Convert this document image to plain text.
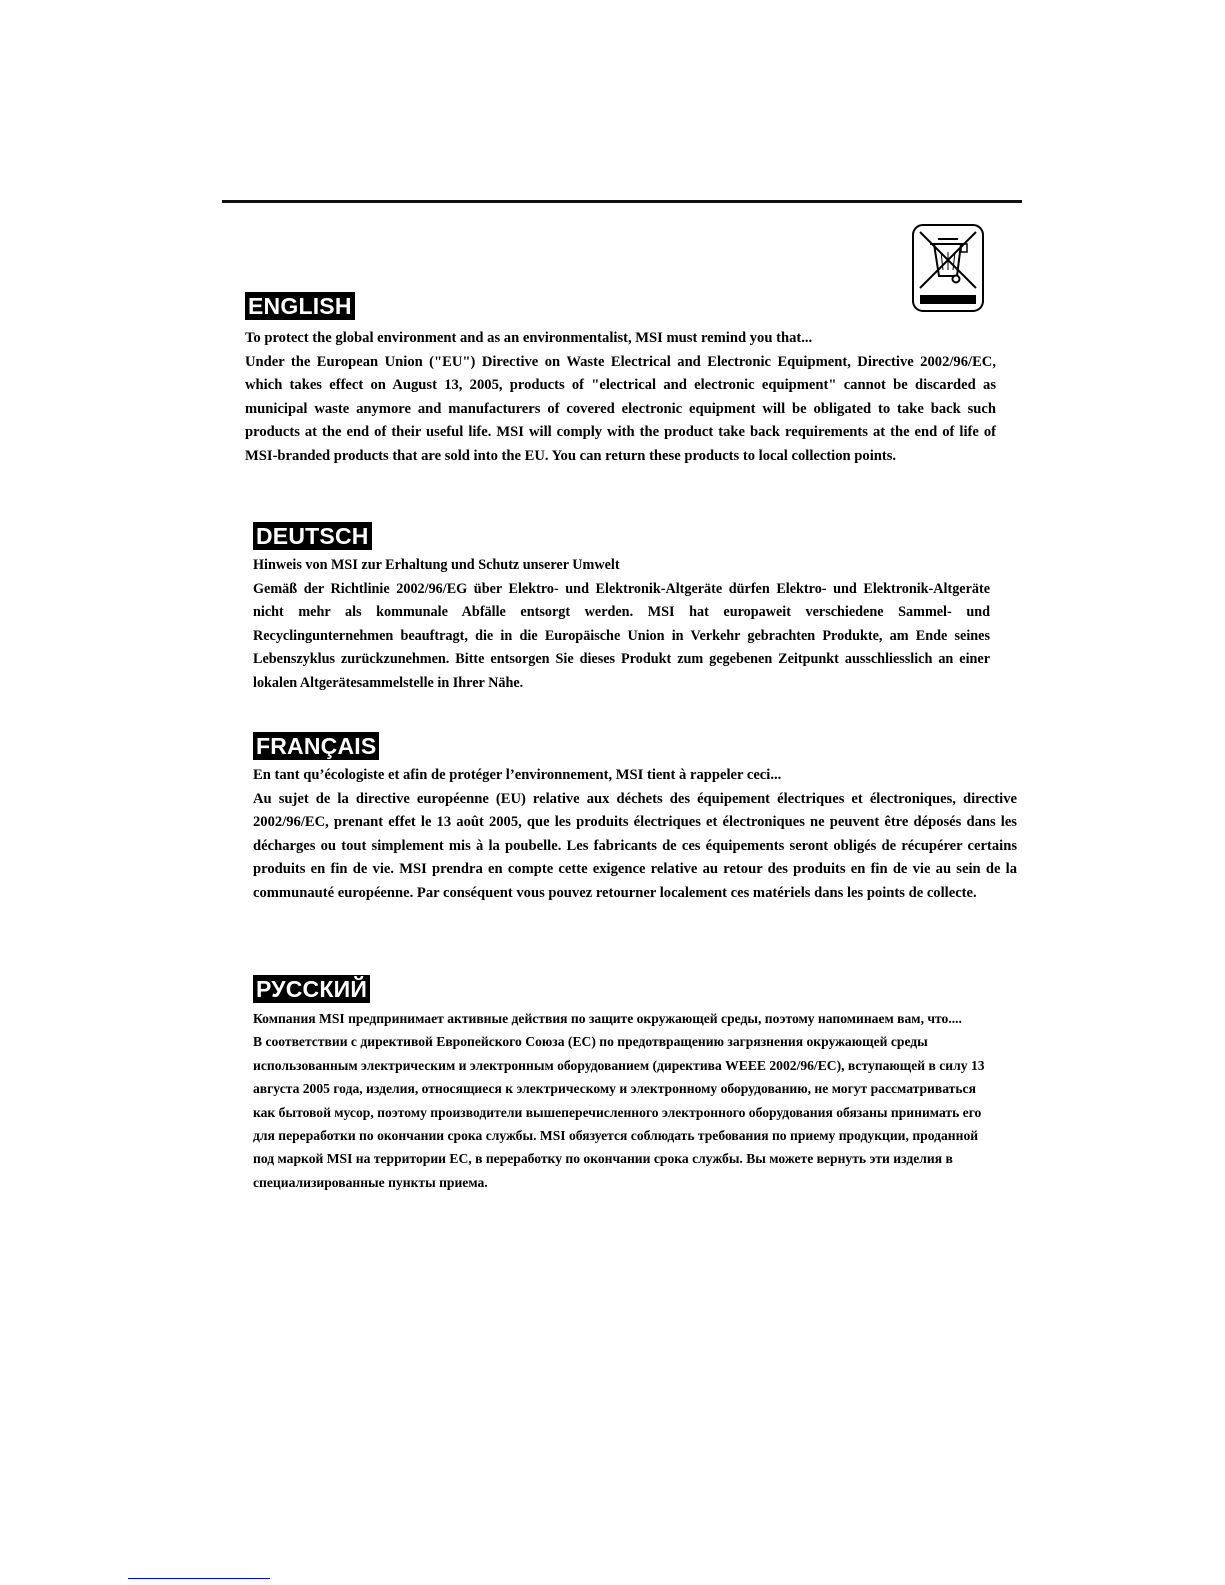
ENGLISH

To protect the global environment and as an environmentalist, MSI must remind you that...

Under the European Union ("EU") Directive on Waste Electrical and Electronic Equipment, Directive 2002/96/EC, which takes effect on August 13, 2005, products of "electrical and electronic equipment" cannot be discarded as municipal waste anymore and manufacturers of covered electronic equipment will be obligated to take back such products at the end of their useful life. MSI will comply with the product take back requirements at the end of life of MSI-branded products that are sold into the EU. You can return these products to local collection points.

DEUTSCH

Hinweis von MSI zur Erhaltung und Schutz unserer Umwelt

Gemäß der Richtlinie 2002/96/EG über Elektro- und Elektronik-Altgeräte dürfen Elektro- und Elektronik-Altgeräte nicht mehr als kommunale Abfälle entsorgt werden. MSI hat europaweit verschiedene Sammel- und Recyclingunternehmen beauftragt, die in die Europäische Union in Verkehr gebrachten Produkte, am Ende seines Lebenszyklus zurückzunehmen. Bitte entsorgen Sie dieses Produkt zum gegebenen Zeitpunkt ausschliesslich an einer lokalen Altgerätesammelstelle in Ihrer Nähe.

FRANÇAIS

En tant qu’écologiste et afin de protéger l’environnement, MSI tient à rappeler ceci...

Au sujet de la directive européenne (EU) relative aux déchets des équipement électriques et électroniques, directive 2002/96/EC, prenant effet le 13 août 2005, que les produits électriques et électroniques ne peuvent être déposés dans les décharges ou tout simplement mis à la poubelle. Les fabricants de ces équipements seront obligés de récupérer certains produits en fin de vie. MSI prendra en compte cette exigence relative au retour des produits en fin de vie au sein de la communauté européenne. Par conséquent vous pouvez retourner localement ces matériels dans les points de collecte.

РУССКИЙ

Компания MSI предпринимает активные действия по защите окружающей среды, поэтому напоминаем вам, что....

В соответствии с директивой Европейского Союза (ЕС) по предотвращению загрязнения окружающей среды использованным электрическим и электронным оборудованием (директива WEEE 2002/96/EC), вступающей в силу 13 августа 2005 года, изделия, относящиеся к электрическому и электронному оборудованию, не могут рассматриваться как бытовой мусор, поэтому производители вышеперечисленного электронного оборудования обязаны принимать его для переработки по окончании срока службы. MSI обязуется соблюдать требования по приему продукции, проданной под маркой MSI на территории ЕС, в переработку по окончании срока службы. Вы можете вернуть эти изделия в специализированные пункты приема.
